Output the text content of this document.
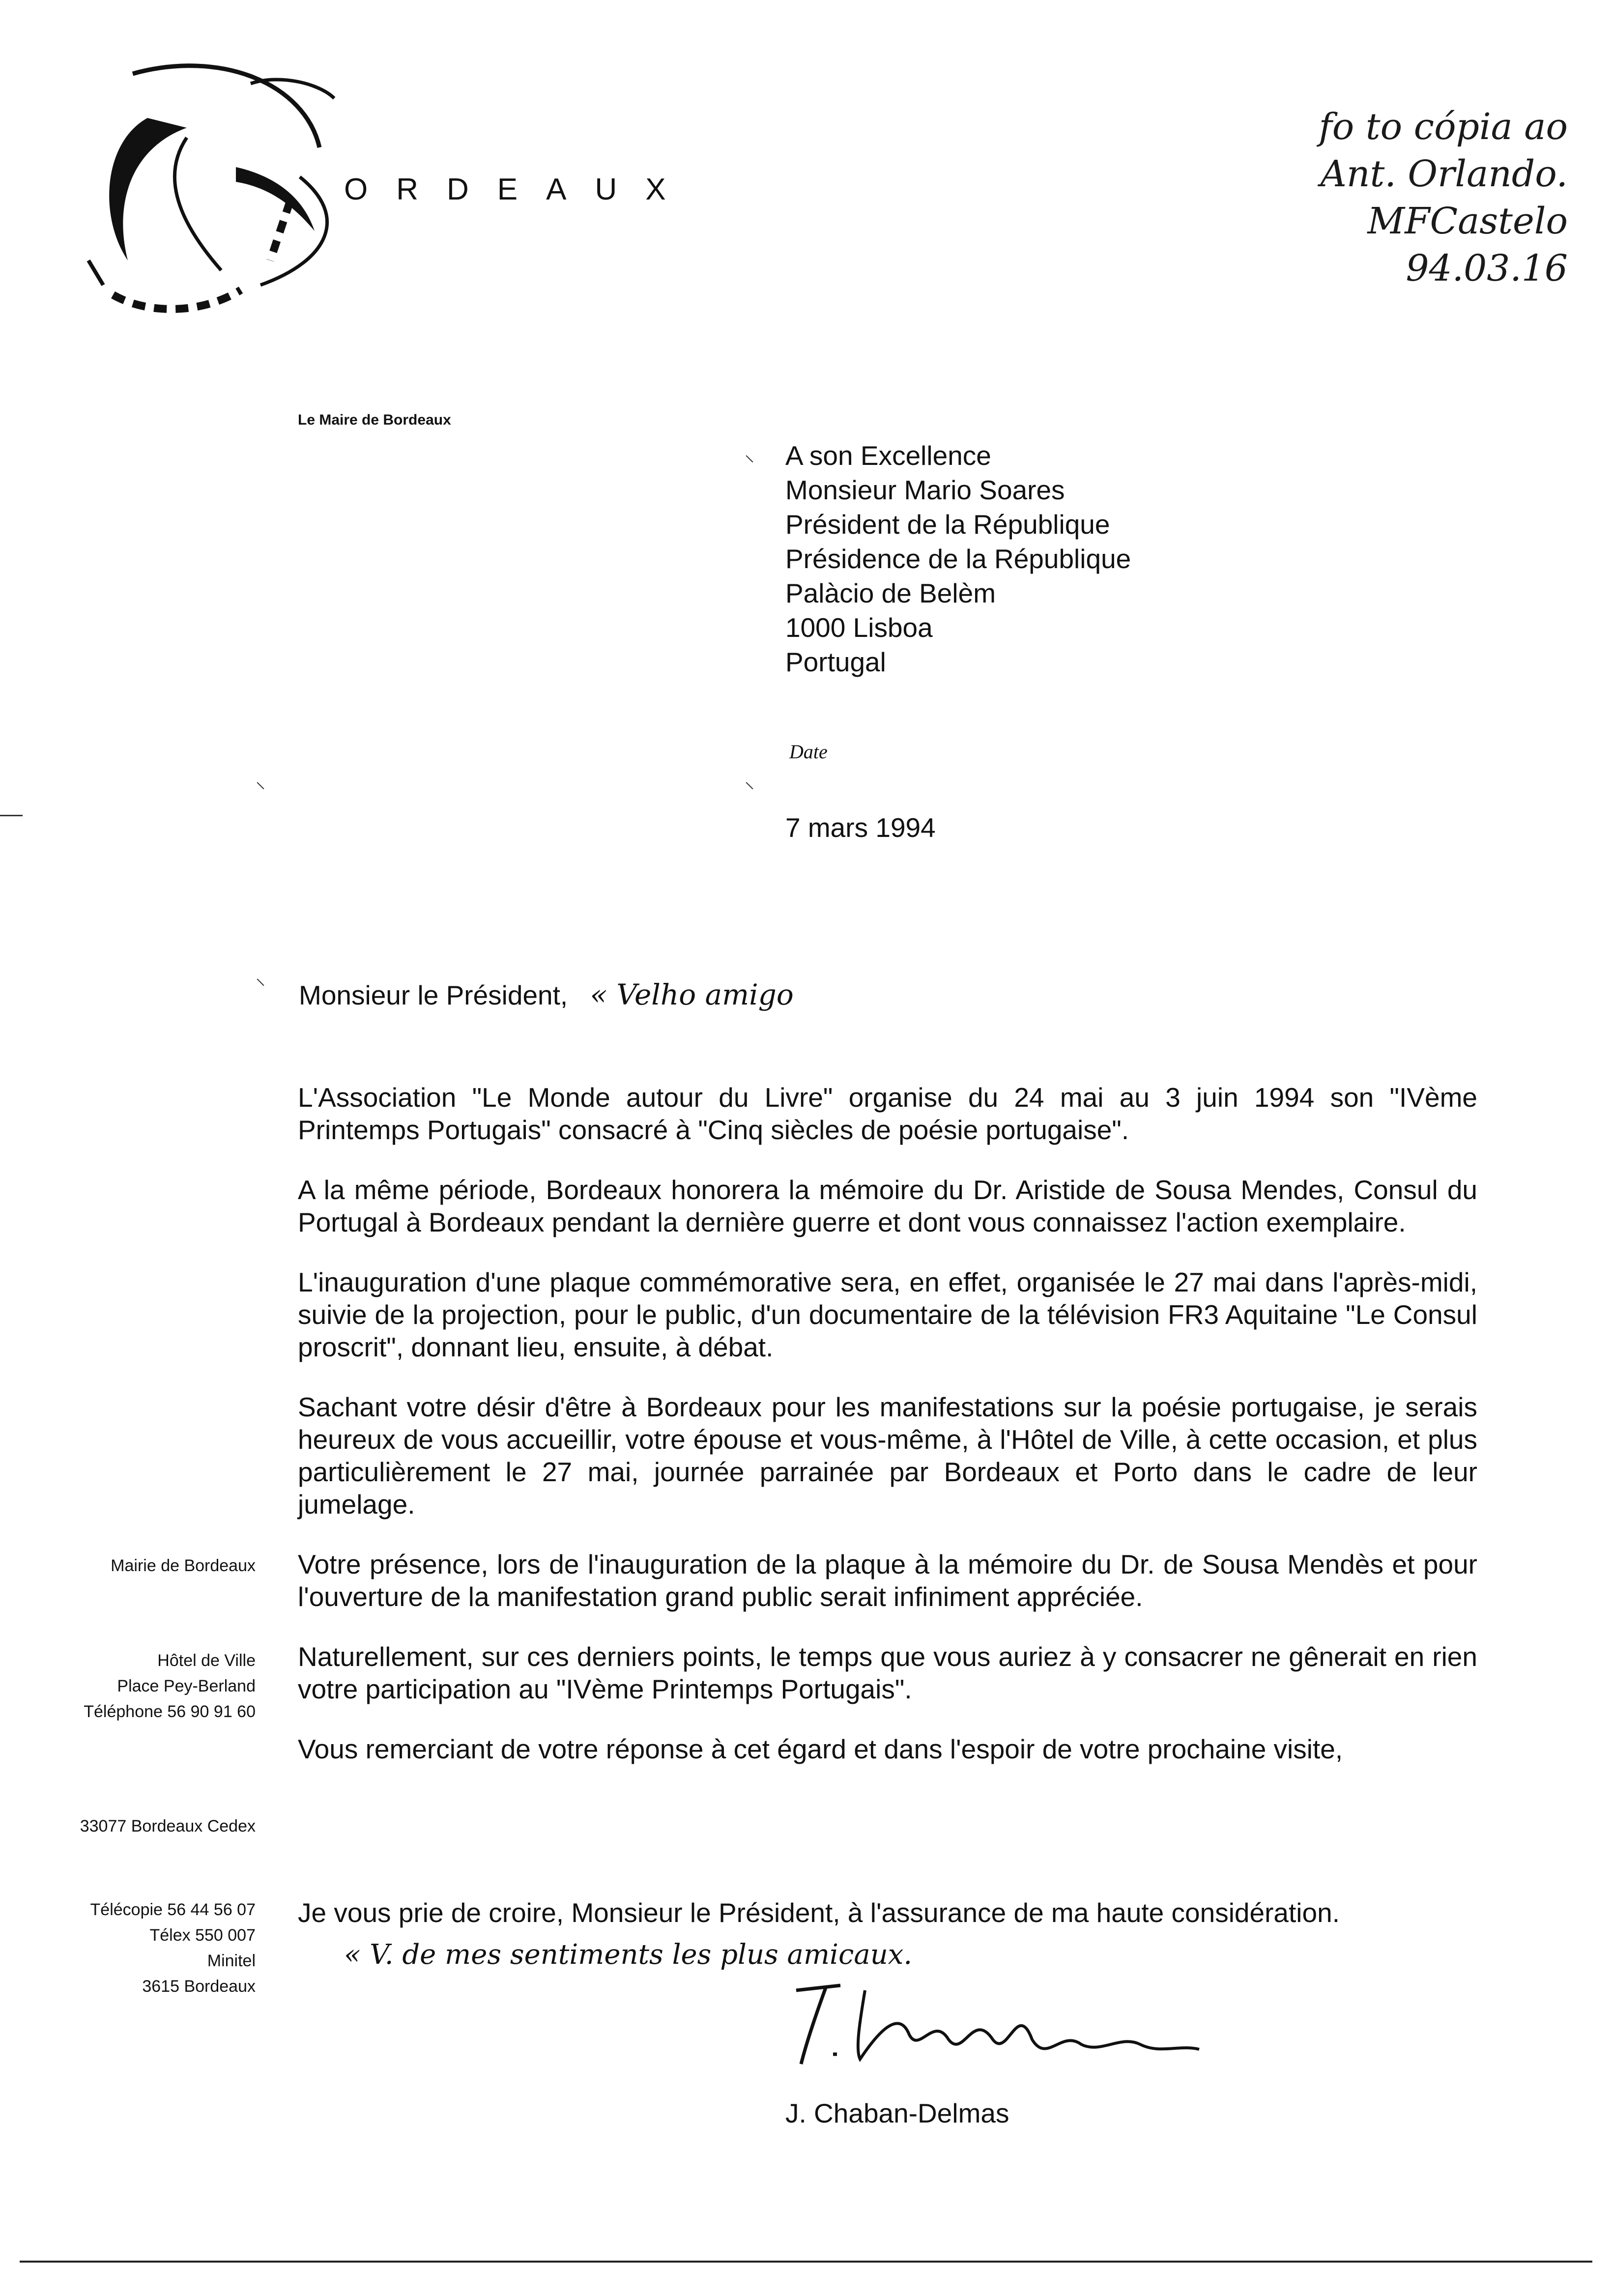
ORDEAUX
fo to cópia ao
Ant. Orlando.
MFCastelo
94.03.16
Le Maire de Bordeaux
⸜
⸜	⸜
⸜
A son Excellence
Monsieur Mario Soares
Président de la République
Présidence de la République
Palàcio de Belèm
1000 Lisboa
Portugal
Date
7 mars 1994
Monsieur le Président, « Velho amigo

L'Association "Le Monde autour du Livre" organise du 24 mai au 3 juin 1994 son "IVème Printemps Portugais" consacré à "Cinq siècles de poésie portugaise".

A la même période, Bordeaux honorera la mémoire du Dr. Aristide de Sousa Mendes, Consul du Portugal à Bordeaux pendant la dernière guerre et dont vous connaissez l'action exemplaire.

L'inauguration d'une plaque commémorative sera, en effet, organisée le 27 mai dans l'après-midi, suivie de la projection, pour le public, d'un documentaire de la télévision FR3 Aquitaine "Le Consul proscrit", donnant lieu, ensuite, à débat.

Sachant votre désir d'être à Bordeaux pour les manifestations sur la poésie portugaise, je serais heureux de vous accueillir, votre épouse et vous-même, à l'Hôtel de Ville, à cette occasion, et plus particulièrement le 27 mai, journée parrainée par Bordeaux et Porto dans le cadre de leur jumelage.

Votre présence, lors de l'inauguration de la plaque à la mémoire du Dr. de Sousa Mendès et pour l'ouverture de la manifestation grand public serait infiniment appréciée.

Naturellement, sur ces derniers points, le temps que vous auriez à y consacrer ne gênerait en rien votre participation au "IVème Printemps Portugais".

Vous remerciant de votre réponse à cet égard et dans l'espoir de votre prochaine visite,

Je vous prie de croire, Monsieur le Président, à l'assurance de ma haute considération.
« V. de mes sentiments les plus amicaux.
J. Chaban-Delmas
Mairie de Bordeaux
Hôtel de Ville
Place Pey-Berland
Téléphone 56 90 91 60
33077 Bordeaux Cedex
Télécopie 56 44 56 07
Télex 550 007
Minitel
3615 Bordeaux
